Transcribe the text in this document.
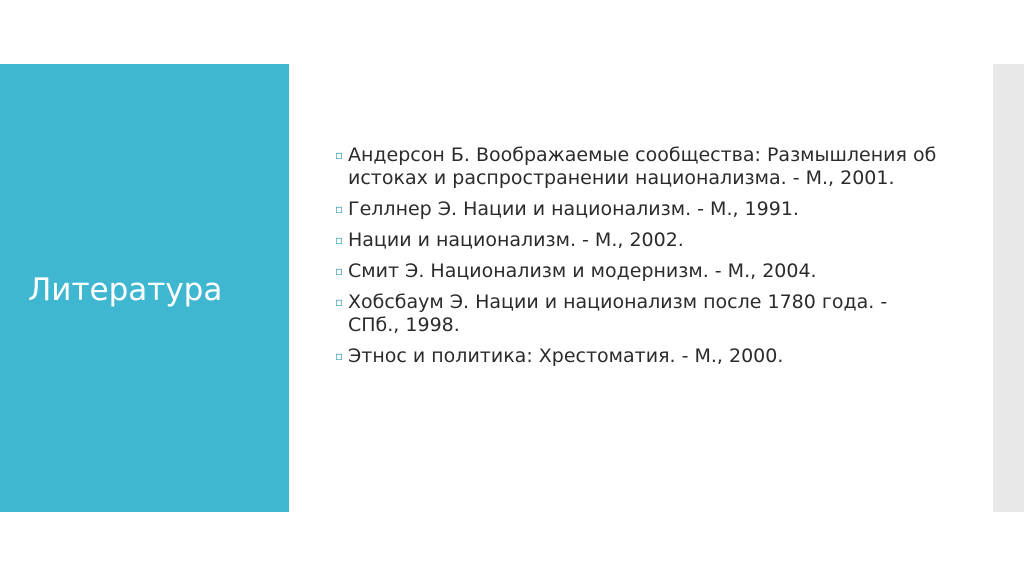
Литература
▫ Андерсон Б. Воображаемые сообщества: Размышления об истоках и распространении национализма. - М., 2001.
▫ Геллнер Э. Нации и национализм. - М., 1991.
▫ Нации и национализм. - М., 2002.
▫ Смит Э. Национализм и модернизм. - М., 2004.
▫ Хобсбаум Э. Нации и национализм после 1780 года. - СПб., 1998.
▫ Этнос и политика: Хрестоматия. - М., 2000.
